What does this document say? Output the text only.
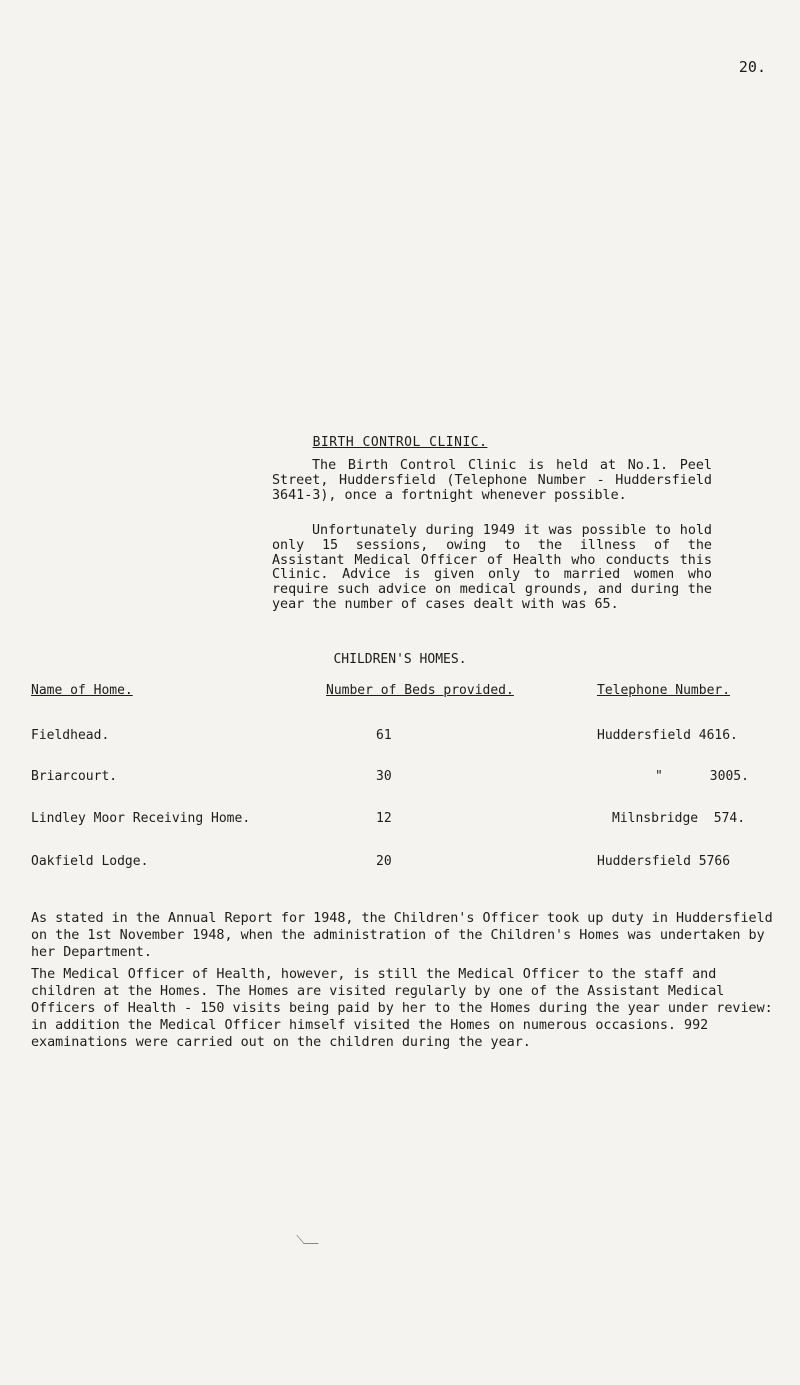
20.
BIRTH CONTROL CLINIC.

The Birth Control Clinic is held at No.1. Peel Street, Huddersfield (Telephone Number - Huddersfield 3641-3), once a fortnight whenever possible.

Unfortunately during 1949 it was possible to hold only 15 sessions, owing to the illness of the Assistant Medical Officer of Health who conducts this Clinic. Advice is given only to married women who require such advice on medical grounds, and during the year the number of cases dealt with was 65.

CHILDREN'S HOMES.
Name of Home.	Number of Beds provided.	Telephone Number.
Fieldhead.	61	Huddersfield 4616.
Briarcourt.	30	"      3005.
Lindley Moor Receiving Home.	12	Milnsbridge  574.
Oakfield Lodge.	20	Huddersfield 5766

As stated in the Annual Report for 1948, the Children's Officer took up duty in Huddersfield on the 1st November 1948, when the administration of the Children's Homes was undertaken by her Department.

The Medical Officer of Health, however, is still the Medical Officer to the staff and children at the Homes. The Homes are visited regularly by one of the Assistant Medical Officers of Health - 150 visits being paid by her to the Homes during the year under review: in addition the Medical Officer himself visited the Homes on numerous occasions. 992 examinations were carried out on the children during the year.
